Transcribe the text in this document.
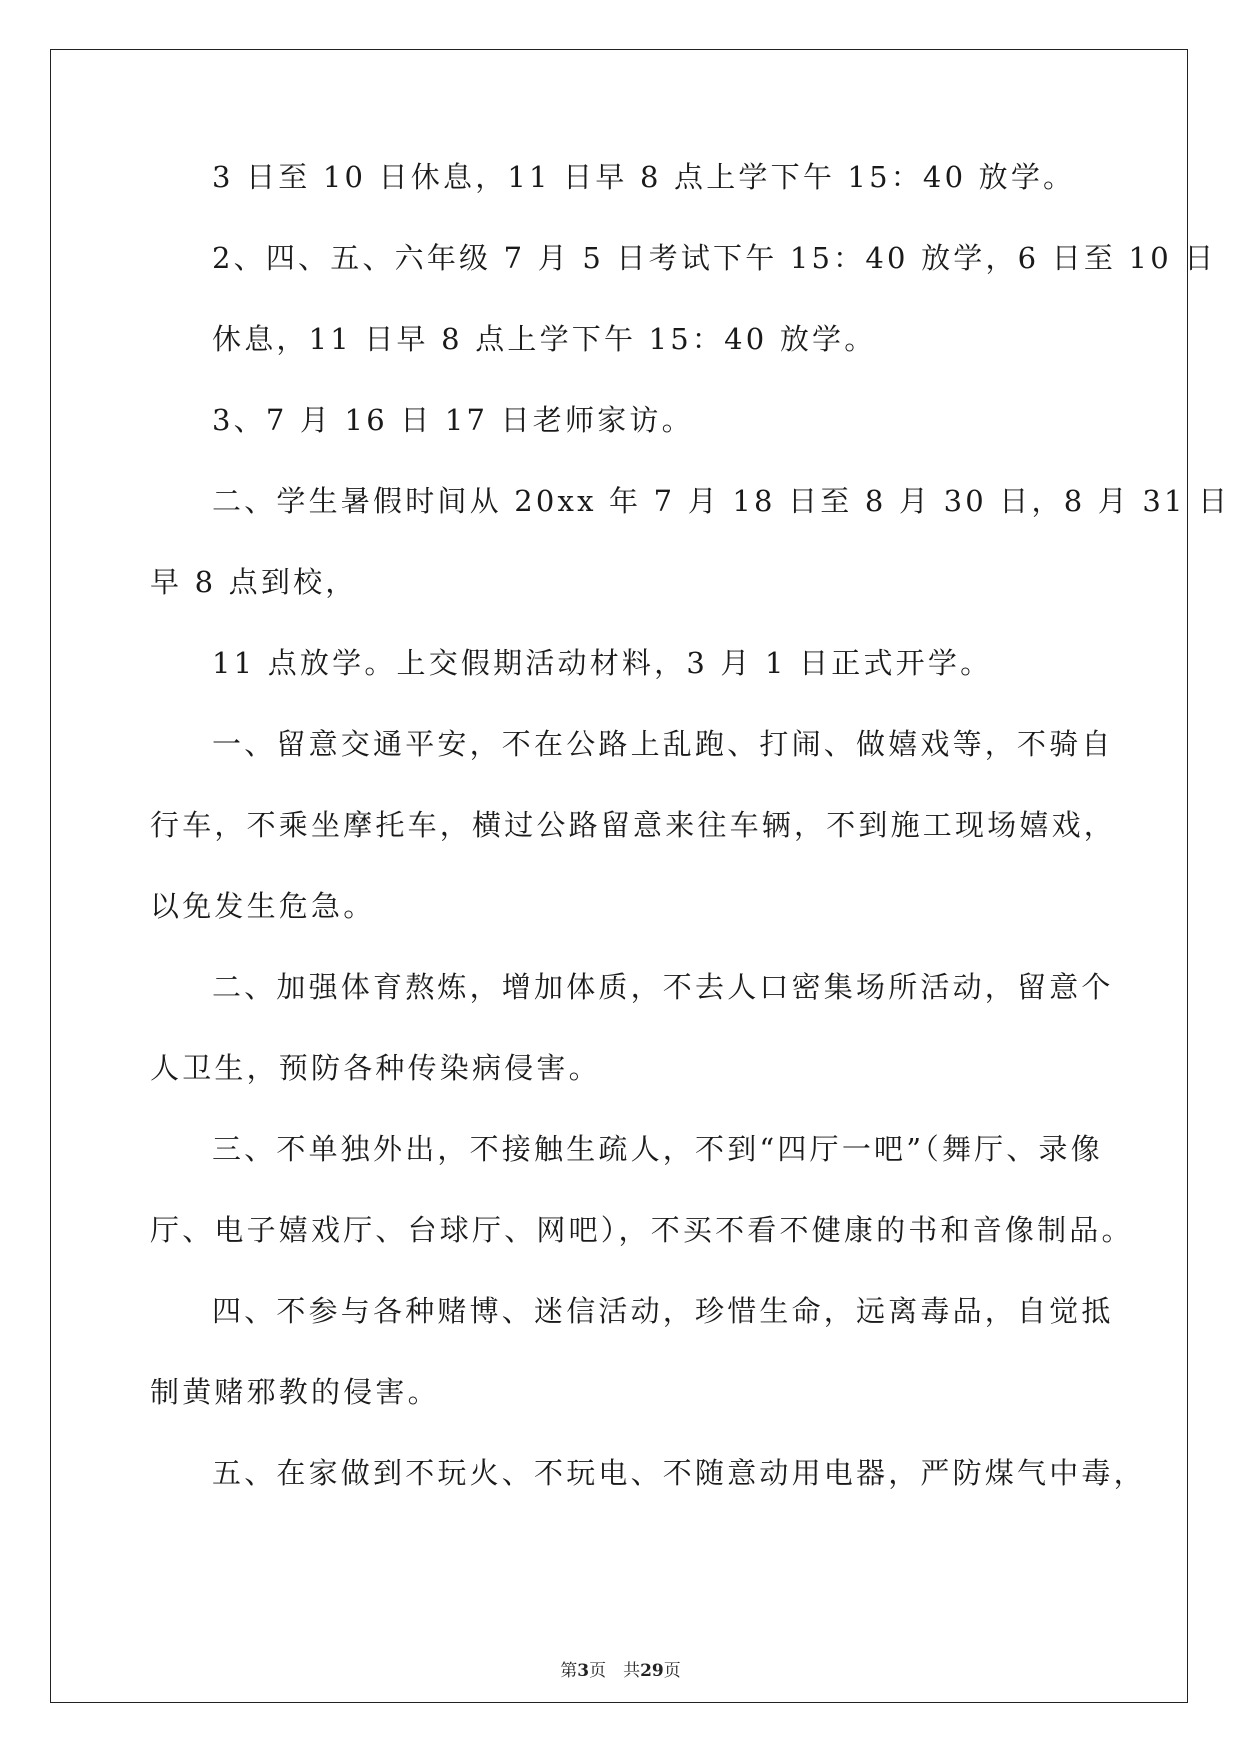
3 日至 10 日休息，11 日早 8 点上学下午 15：40 放学。
2、四、五、六年级 7 月 5 日考试下午 15：40 放学，6 日至 10 日
休息，11 日早 8 点上学下午 15：40 放学。
3、7 月 16 日 17 日老师家访。
二、学生暑假时间从 20xx 年 7 月 18 日至 8 月 30 日，8 月 31 日
早 8 点到校，
11 点放学。上交假期活动材料，3 月 1 日正式开学。
一、留意交通平安，不在公路上乱跑、打闹、做嬉戏等，不骑自
行车，不乘坐摩托车，横过公路留意来往车辆，不到施工现场嬉戏，
以免发生危急。
二、加强体育熬炼，增加体质，不去人口密集场所活动，留意个
人卫生，预防各种传染病侵害。
三、不单独外出，不接触生疏人，不到“四厅一吧”（舞厅、录像
厅、电子嬉戏厅、台球厅、网吧），不买不看不健康的书和音像制品。
四、不参与各种赌博、迷信活动，珍惜生命，远离毒品，自觉抵
制黄赌邪教的侵害。
五、在家做到不玩火、不玩电、不随意动用电器，严防煤气中毒，
第3页　共29页
